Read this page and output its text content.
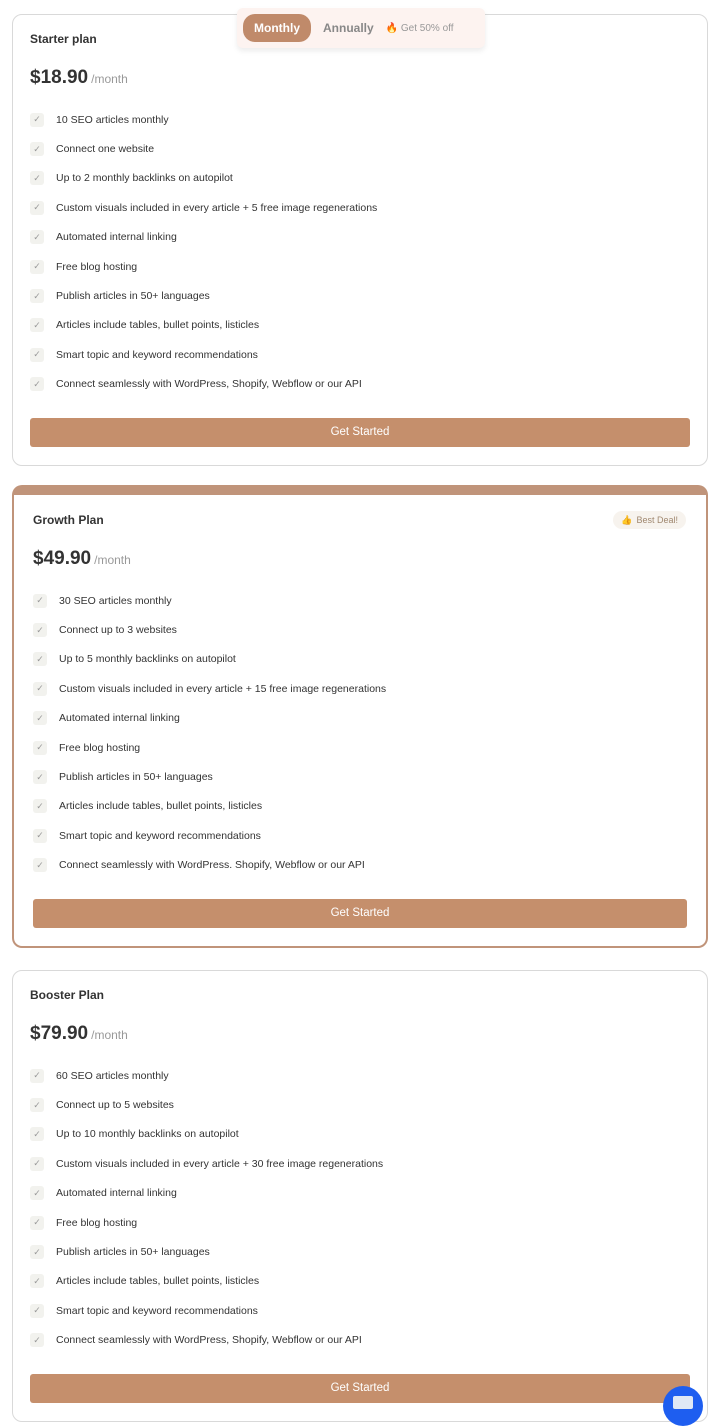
Monthly	Annually 🔥 Get 50% off
Starter plan
$18.90 /month
✓	10 SEO articles monthly
✓	Connect one website
✓	Up to 2 monthly backlinks on autopilot
✓	Custom visuals included in every article + 5 free image regenerations
✓	Automated internal linking
✓	Free blog hosting
✓	Publish articles in 50+ languages
✓	Articles include tables, bullet points, listicles
✓	Smart topic and keyword recommendations
✓	Connect seamlessly with WordPress, Shopify, Webflow or our API
Get Started
Growth Plan	👍 Best Deal!
$49.90 /month
✓	30 SEO articles monthly
✓	Connect up to 3 websites
✓	Up to 5 monthly backlinks on autopilot
✓	Custom visuals included in every article + 15 free image regenerations
✓	Automated internal linking
✓	Free blog hosting
✓	Publish articles in 50+ languages
✓	Articles include tables, bullet points, listicles
✓	Smart topic and keyword recommendations
✓	Connect seamlessly with WordPress. Shopify, Webflow or our API
Get Started
Booster Plan
$79.90 /month
✓	60 SEO articles monthly
✓	Connect up to 5 websites
✓	Up to 10 monthly backlinks on autopilot
✓	Custom visuals included in every article + 30 free image regenerations
✓	Automated internal linking
✓	Free blog hosting
✓	Publish articles in 50+ languages
✓	Articles include tables, bullet points, listicles
✓	Smart topic and keyword recommendations
✓	Connect seamlessly with WordPress, Shopify, Webflow or our API
Get Started
